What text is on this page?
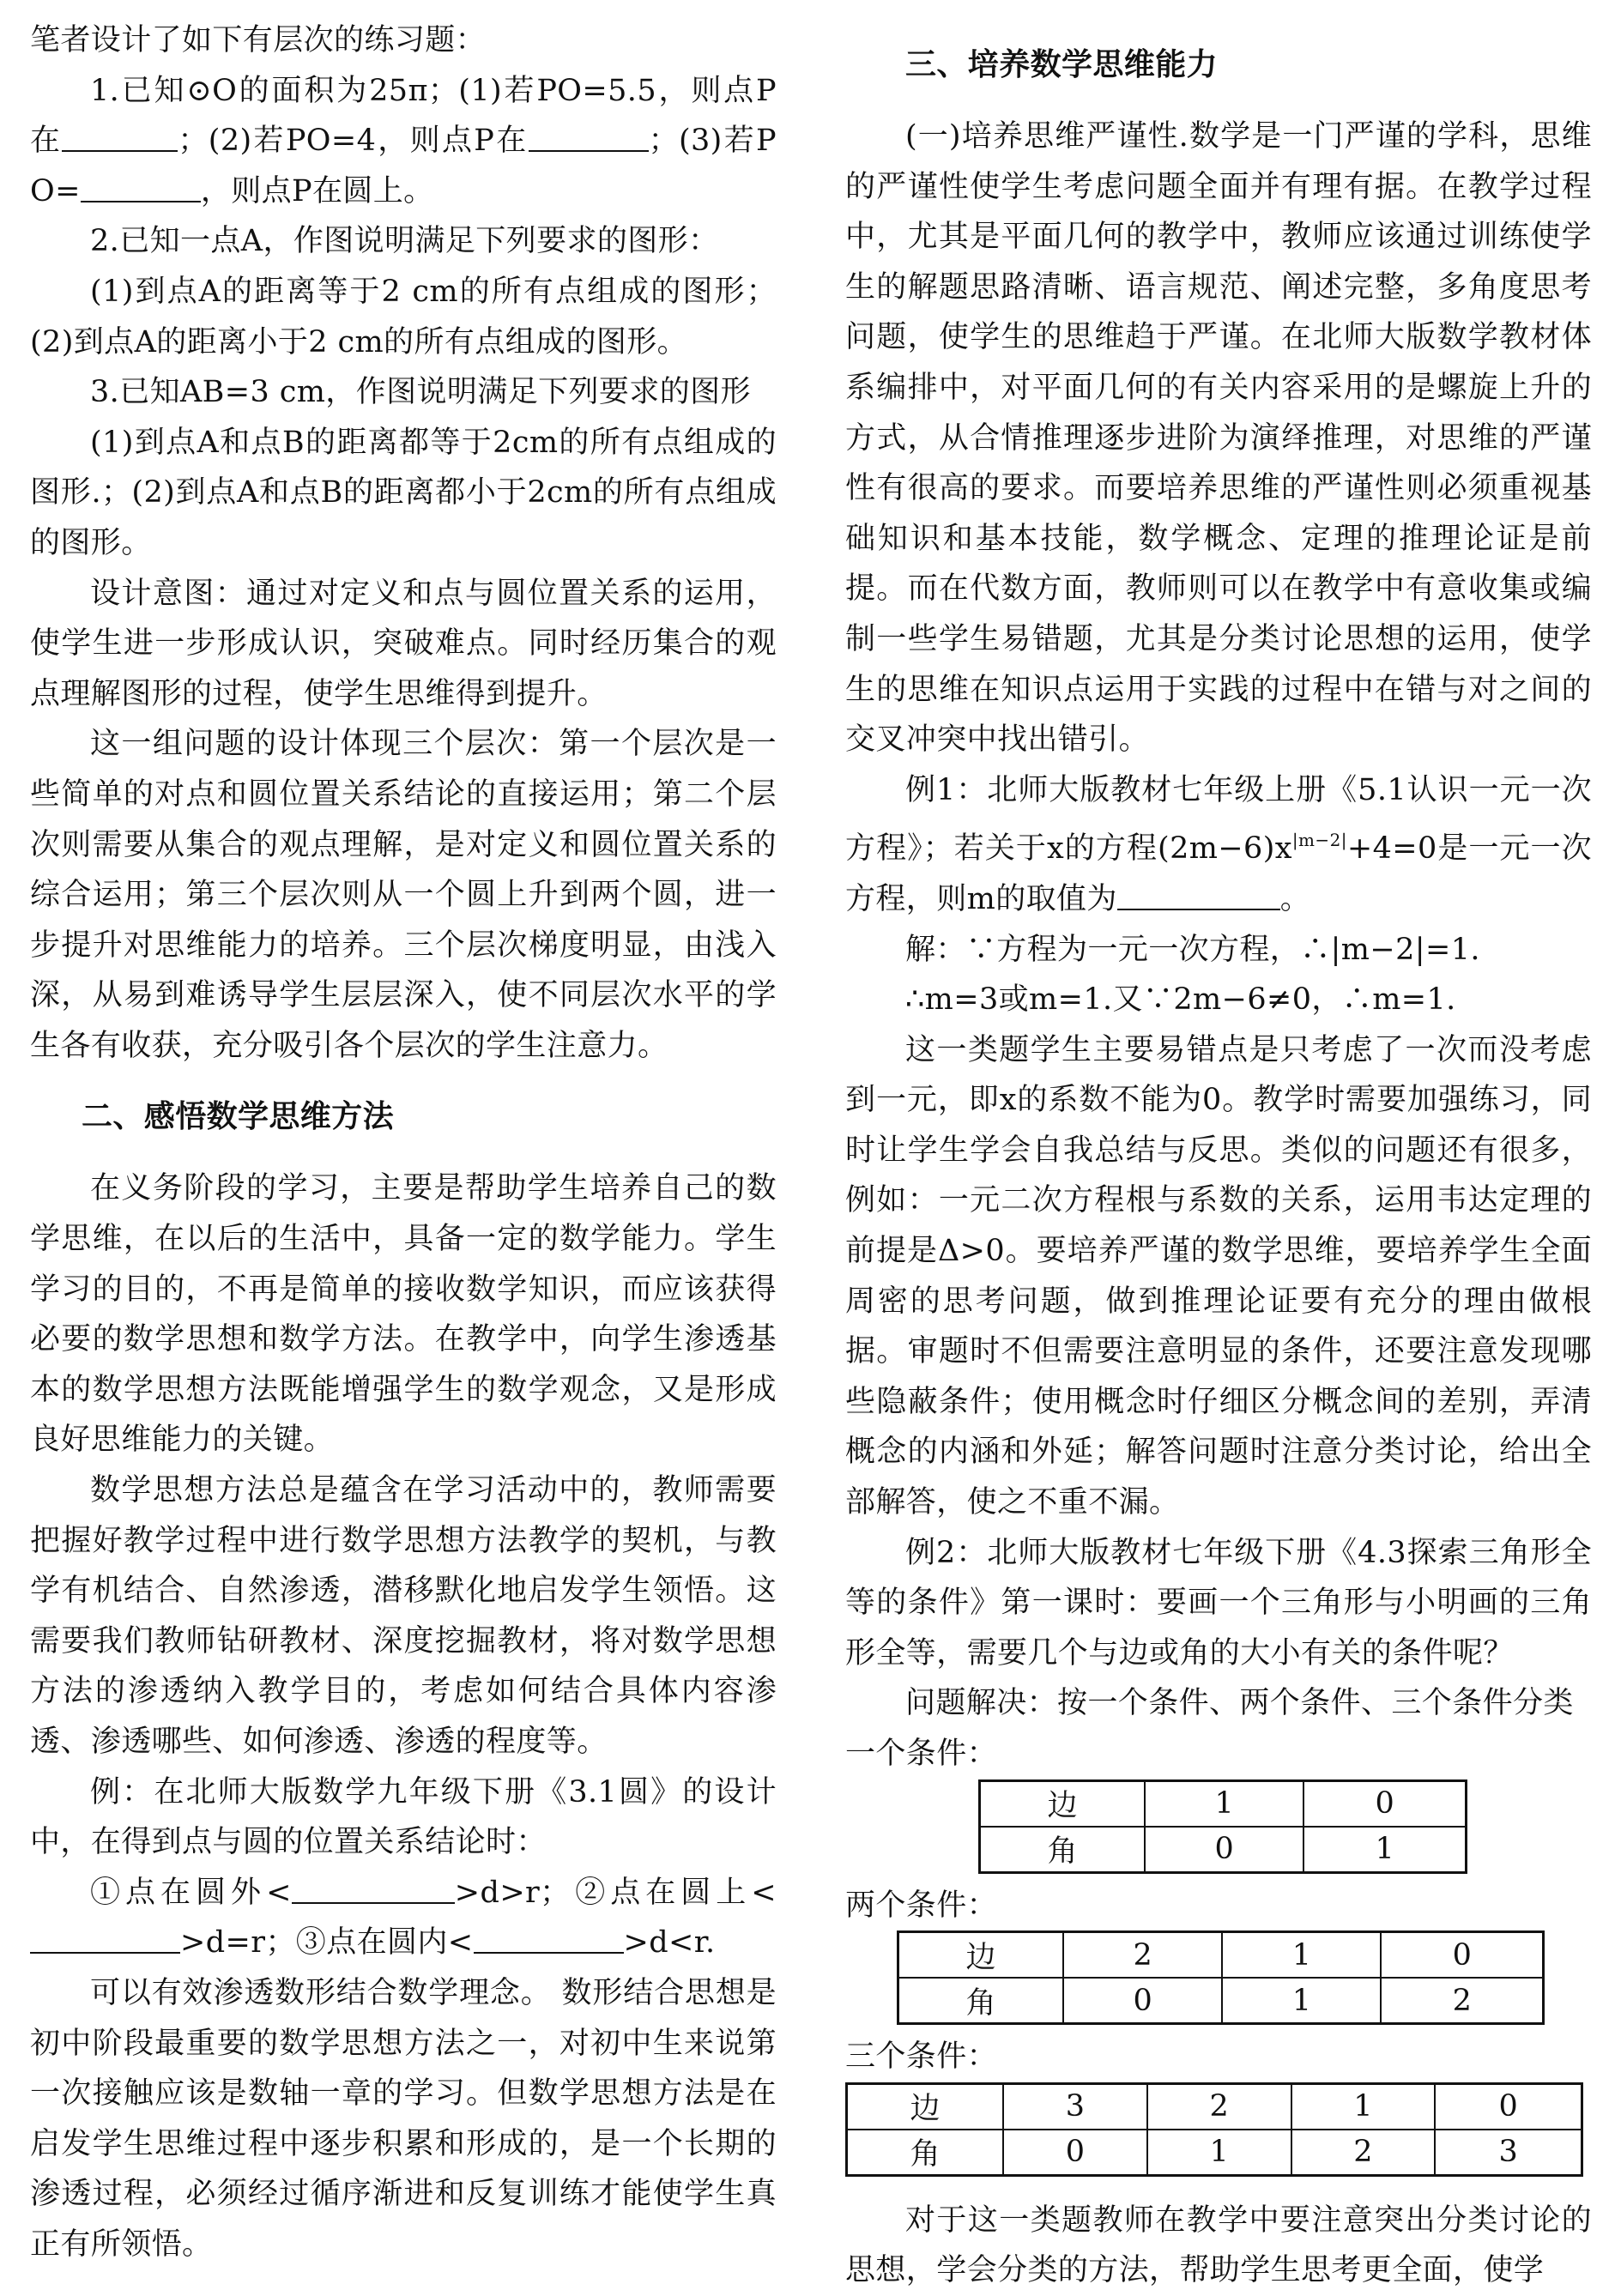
笔者设计了如下有层次的练习题：

1.已知⊙O的面积为25π；(1)若PO=5.5，则点P在	；(2)若PO=4，则点P在	；(3)若PO=	，则点P在圆上。

2.已知一点A，作图说明满足下列要求的图形：

(1)到点A的距离等于2 cm的所有点组成的图形；(2)到点A的距离小于2 cm的所有点组成的图形。

3.已知AB=3 cm，作图说明满足下列要求的图形

(1)到点A和点B的距离都等于2cm的所有点组成的图形.；(2)到点A和点B的距离都小于2cm的所有点组成的图形。

设计意图：通过对定义和点与圆位置关系的运用，使学生进一步形成认识，突破难点。同时经历集合的观点理解图形的过程，使学生思维得到提升。

这一组问题的设计体现三个层次：第一个层次是一些简单的对点和圆位置关系结论的直接运用；第二个层次则需要从集合的观点理解，是对定义和圆位置关系的综合运用；第三个层次则从一个圆上升到两个圆，进一步提升对思维能力的培养。三个层次梯度明显，由浅入深，从易到难诱导学生层层深入，使不同层次水平的学生各有收获，充分吸引各个层次的学生注意力。

二、感悟数学思维方法

在义务阶段的学习，主要是帮助学生培养自己的数学思维，在以后的生活中，具备一定的数学能力。学生学习的目的，不再是简单的接收数学知识，而应该获得必要的数学思想和数学方法。在教学中，向学生渗透基本的数学思想方法既能增强学生的数学观念，又是形成良好思维能力的关键。

数学思想方法总是蕴含在学习活动中的，教师需要把握好教学过程中进行数学思想方法教学的契机，与教学有机结合、自然渗透，潜移默化地启发学生领悟。这需要我们教师钻研教材、深度挖掘教材，将对数学思想方法的渗透纳入教学目的，考虑如何结合具体内容渗透、渗透哪些、如何渗透、渗透的程度等。

例：在北师大版数学九年级下册《3.1圆》的设计中，在得到点与圆的位置关系结论时：

①点在圆外<	>d>r；②点在圆上<>d=r；③点在圆内<	>d<r.

可以有效渗透数形结合数学理念。 数形结合思想是初中阶段最重要的数学思想方法之一，对初中生来说第一次接触应该是数轴一章的学习。但数学思想方法是在启发学生思维过程中逐步积累和形成的，是一个长期的渗透过程，必须经过循序渐进和反复训练才能使学生真正有所领悟。

三、培养数学思维能力

(一)培养思维严谨性.数学是一门严谨的学科，思维的严谨性使学生考虑问题全面并有理有据。在教学过程中，尤其是平面几何的教学中，教师应该通过训练使学生的解题思路清晰、语言规范、阐述完整，多角度思考问题，使学生的思维趋于严谨。在北师大版数学教材体系编排中，对平面几何的有关内容采用的是螺旋上升的方式，从合情推理逐步进阶为演绎推理，对思维的严谨性有很高的要求。而要培养思维的严谨性则必须重视基础知识和基本技能，数学概念、定理的推理论证是前提。而在代数方面，教师则可以在教学中有意收集或编制一些学生易错题，尤其是分类讨论思想的运用，使学生的思维在知识点运用于实践的过程中在错与对之间的交叉冲突中找出错引。

例1：北师大版教材七年级上册《5.1认识一元一次方程》；若关于x的方程$(2m-6)x^{|m-2|}+4=0$是一元一次方程，则m的取值为	。

解：∵方程为一元一次方程，∴|m−2|=1.

∴m=3或m=1.又∵2m−6≠0，∴m=1.

这一类题学生主要易错点是只考虑了一次而没考虑到一元，即x的系数不能为0。教学时需要加强练习，同时让学生学会自我总结与反思。类似的问题还有很多，例如：一元二次方程根与系数的关系，运用韦达定理的前提是Δ>0。要培养严谨的数学思维，要培养学生全面周密的思考问题，做到推理论证要有充分的理由做根据。审题时不但需要注意明显的条件，还要注意发现哪些隐蔽条件；使用概念时仔细区分概念间的差别，弄清概念的内涵和外延；解答问题时注意分类讨论，给出全部解答，使之不重不漏。

例2：北师大版教材七年级下册《4.3探索三角形全等的条件》第一课时：要画一个三角形与小明画的三角形全等，需要几个与边或角的大小有关的条件呢？

问题解决：按一个条件、两个条件、三个条件分类

一个条件：

边	1	0
角	0	1

两个条件：

边	2	1	0
角	0	1	2

三个条件：

边	3	2	1	0
角	0	1	2	3

对于这一类题教师在教学中要注意突出分类讨论的思想，学会分类的方法，帮助学生思考更全面，使学
